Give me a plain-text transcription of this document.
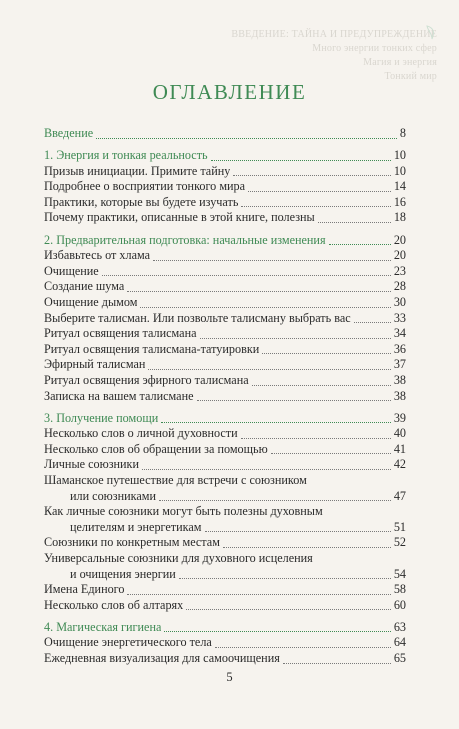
ВВЕДЕНИЕ: ТАЙНА И ПРЕДУПРЕЖДЕНИЕ
Много энергии тонких сфер
Магия и энергия
Тонкий мир
ОГЛАВЛЕНИЕ
Введение	8
1. Энергия и тонкая реальность	10
Призыв инициации. Примите тайну	10
Подробнее о восприятии тонкого мира	14
Практики, которые вы будете изучать	16
Почему практики, описанные в этой книге, полезны	18
2. Предварительная подготовка: начальные изменения	20
Избавьтесь от хлама	20
Очищение	23
Создание шума	28
Очищение дымом	30
Выберите талисман. Или позвольте талисману выбрать вас	33
Ритуал освящения талисмана	34
Ритуал освящения талисмана-татуировки	36
Эфирный талисман	37
Ритуал освящения эфирного талисмана	38
Записка на вашем талисмане	38
3. Получение помощи	39
Несколько слов о личной духовности	40
Несколько слов об обращении за помощью	41
Личные союзники	42
Шаманское путешествие для встречи с союзником
или союзниками	47
Как личные союзники могут быть полезны духовным
целителям и энергетикам	51
Союзники по конкретным местам	52
Универсальные союзники для духовного исцеления
и очищения энергии	54
Имена Единого	58
Несколько слов об алтарях	60
4. Магическая гигиена	63
Очищение энергетического тела	64
Ежедневная визуализация для самоочищения	65
5
